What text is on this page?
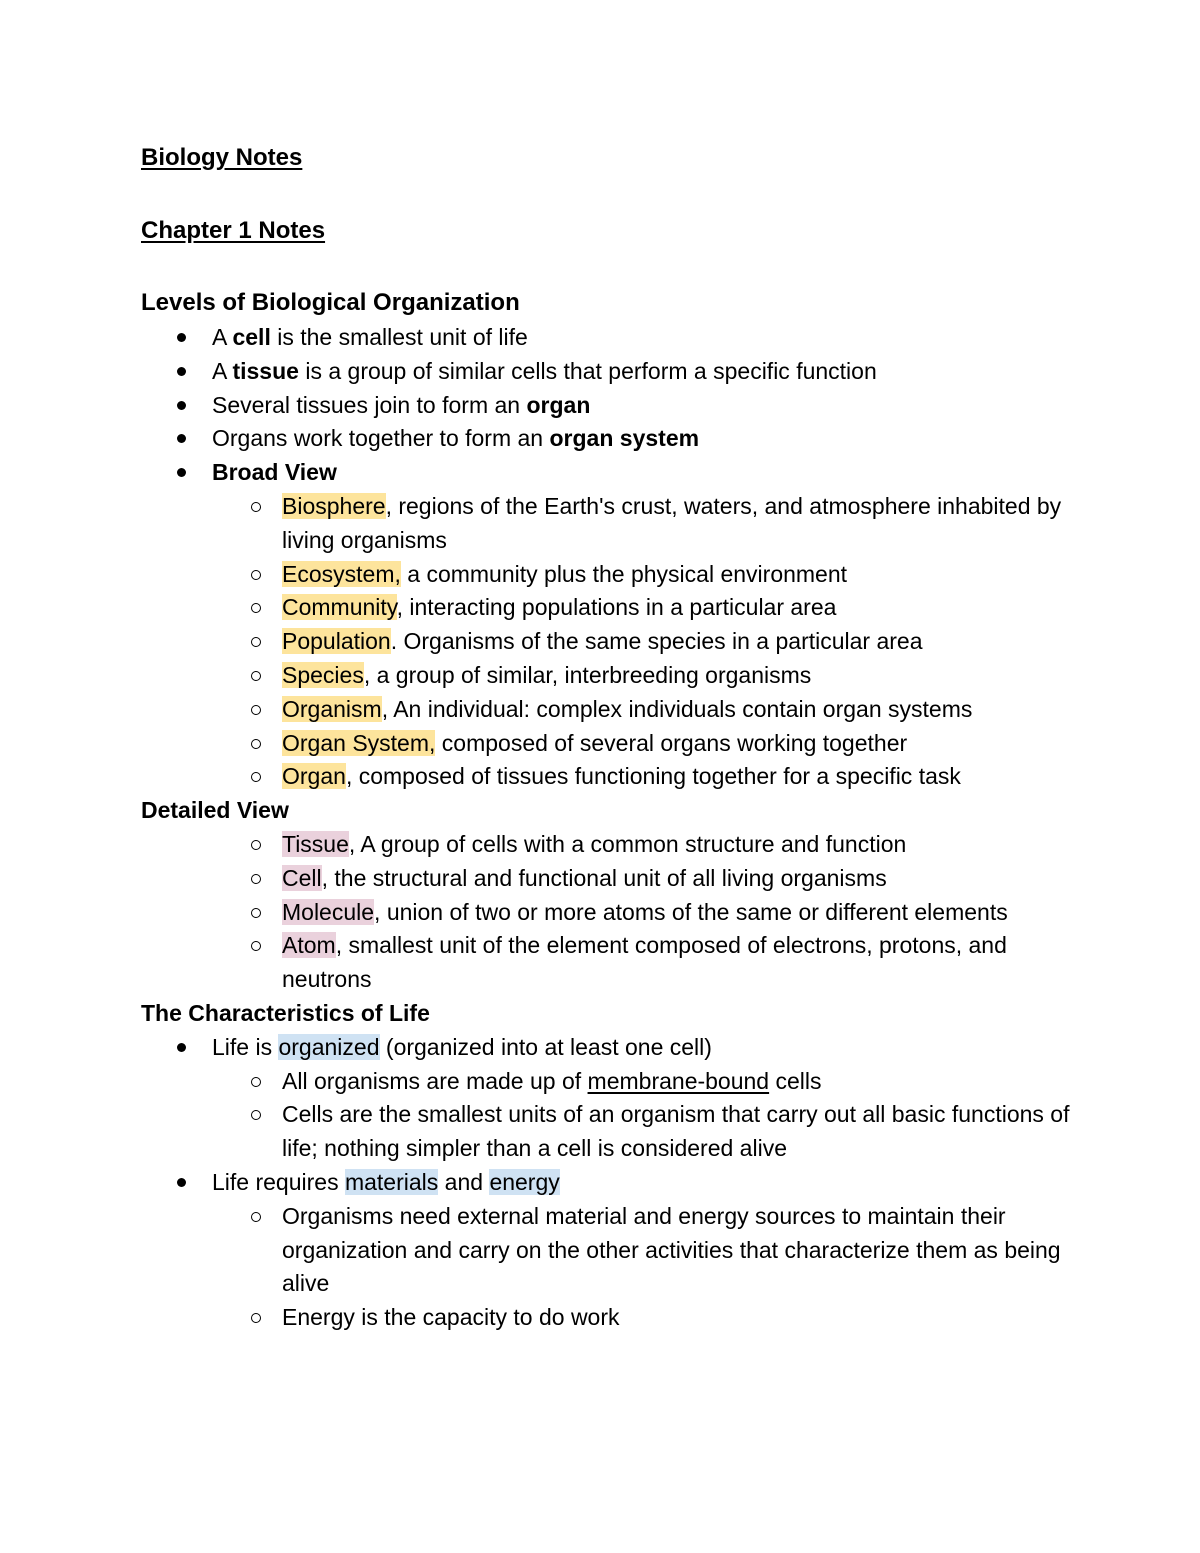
Biology Notes
Chapter 1 Notes
Levels of Biological Organization
A cell is the smallest unit of life
A tissue is a group of similar cells that perform a specific function
Several tissues join to form an organ
Organs work together to form an organ system
Broad View
Biosphere, regions of the Earth's crust, waters, and atmosphere inhabited by living organisms
Ecosystem, a community plus the physical environment
Community, interacting populations in a particular area
Population. Organisms of the same species in a particular area
Species, a group of similar, interbreeding organisms
Organism, An individual: complex individuals contain organ systems
Organ System, composed of several organs working together
Organ, composed of tissues functioning together for a specific task
Detailed View
Tissue, A group of cells with a common structure and function
Cell, the structural and functional unit of all living organisms
Molecule, union of two or more atoms of the same or different elements
Atom, smallest unit of the element composed of electrons, protons, and neutrons
The Characteristics of Life
Life is organized (organized into at least one cell)
All organisms are made up of membrane-bound cells
Cells are the smallest units of an organism that carry out all basic functions of life; nothing simpler than a cell is considered alive
Life requires materials and energy
Organisms need external material and energy sources to maintain their organization and carry on the other activities that characterize them as being alive
Energy is the capacity to do work
